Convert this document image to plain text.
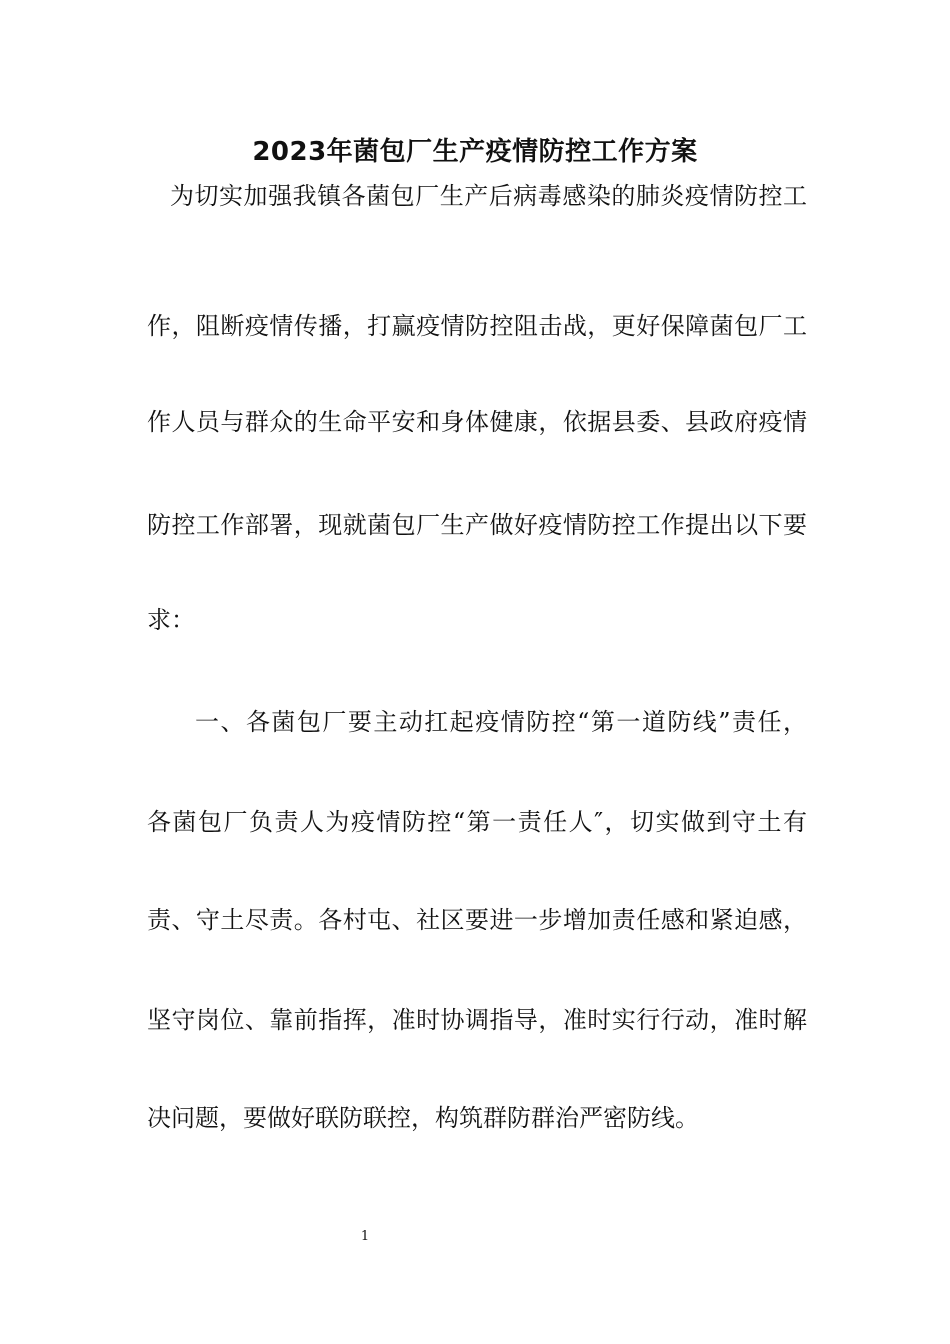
2023年菌包厂生产疫情防控工作方案
为切实加强我镇各菌包厂生产后病毒感染的肺炎疫情防控工
作，阻断疫情传播，打赢疫情防控阻击战，更好保障菌包厂工
作人员与群众的生命平安和身体健康，依据县委、县政府疫情
防控工作部署，现就菌包厂生产做好疫情防控工作提出以下要
求：
一、各菌包厂要主动扛起疫情防控“第一道防线”责任，
各菌包厂负责人为疫情防控“第一责任人″，切实做到守土有
责、守土尽责。各村屯、社区要进一步增加责任感和紧迫感，
坚守岗位、靠前指挥，准时协调指导，准时实行行动，准时解
决问题，要做好联防联控，构筑群防群治严密防线。
1
